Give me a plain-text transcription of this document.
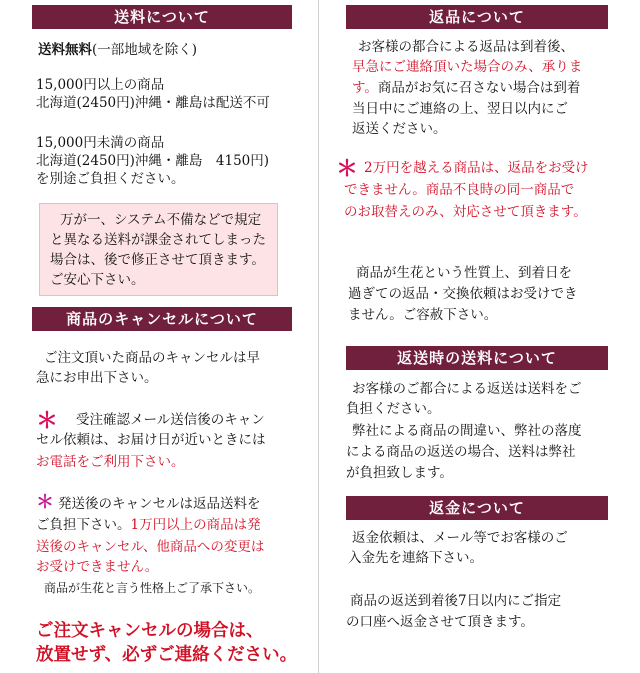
送料について
送料無料(一部地域を除く)
15,000円以上の商品
北海道(2450円)沖縄・離島は配送不可
15,000円未満の商品
北海道(2450円)沖縄・離島　4150円)
を別途ご負担ください。
万が一、システム不備などで規定
と異なる送料が課金されてしまった
場合は、後で修正させて頂きます。
ご安心下さい。
商品のキャンセルについて
ご注文頂いた商品のキャンセルは早
急にお申出下さい。
＊ 受注確認メール送信後のキャン
セル依頼は、お届け日が近いときには
お電話をご利用下さい。
＊ 発送後のキャンセルは返品送料を
ご負担下さい。1万円以上の商品は発
送後のキャンセル、他商品への変更は
お受けできません。
商品が生花と言う性格上ご了承下さい。
ご注文キャンセルの場合は、
放置せず、必ずご連絡ください。
返品について
お客様の都合による返品は到着後、
早急にご連絡頂いた場合のみ、承りま
す。商品がお気に召さない場合は到着
当日中にご連絡の上、翌日以内にご
返送ください。
＊ 2万円を越える商品は、返品をお受け
できません。商品不良時の同一商品で
のお取替えのみ、対応させて頂きます。
商品が生花という性質上、到着日を
過ぎての返品・交換依頼はお受けでき
ません。ご容赦下さい。
返送時の送料について
お客様のご都合による返送は送料をご
負担ください。
弊社による商品の間違い、弊社の落度
による商品の返送の場合、送料は弊社
が負担致します。
返金について
返金依頼は、メール等でお客様のご
入金先を連絡下さい。
商品の返送到着後7日以内にご指定
の口座へ返金させて頂きます。
